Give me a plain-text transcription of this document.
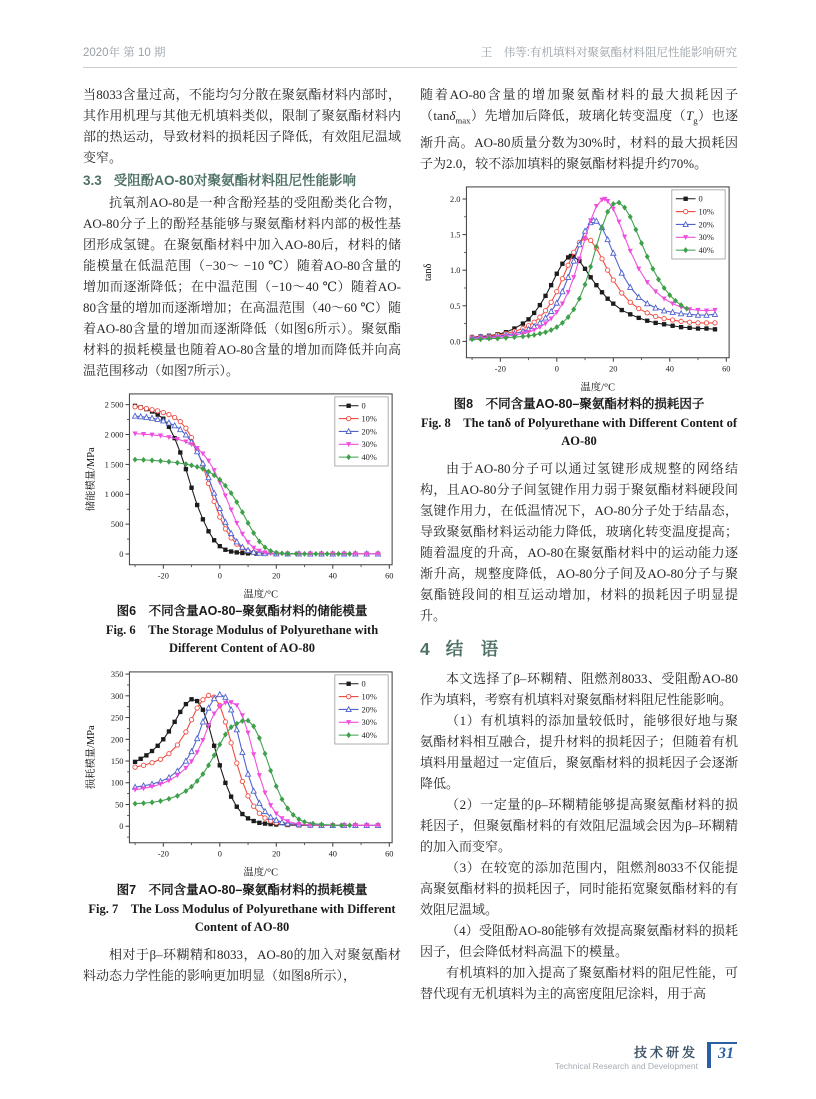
2020年 第 10 期	王　伟等:有机填料对聚氨酯材料阻尼性能影响研究

当8033含量过高，不能均匀分散在聚氨酯材料内部时，其作用机理与其他无机填料类似，限制了聚氨酯材料内部的热运动，导致材料的损耗因子降低，有效阻尼温域变窄。

3.3 受阻酚AO-80对聚氨酯材料阻尼性能影响

抗氧剂AO-80是一种含酚羟基的受阻酚类化合物，AO-80分子上的酚羟基能够与聚氨酯材料内部的极性基团形成氢键。在聚氨酯材料中加入AO-80后，材料的储能模量在低温范围（−30～ −10 ℃）随着AO-80含量的增加而逐渐降低；在中温范围（−10～40 ℃）随着AO-80含量的增加而逐渐增加；在高温范围（40～60 ℃）随着AO-80含量的增加而逐渐降低（如图6所示）。聚氨酯材料的损耗模量也随着AO-80含量的增加而降低并向高温范围移动（如图7所示）。

-20	0	20	40	60
0
500
1 000
1 500
2 000
2 500
温度/°C
储能模量/MPa
0
10%
20%
30%
40%
图6　不同含量AO-80–聚氨酯材料的储能模量
Fig. 6　The Storage Modulus of Polyurethane with Different Content of AO-80
-20	0	20	40	60
0
50
100
150
200
250
300
350
温度/°C
损耗模量/MPa
0
10%
20%
30%
40%
图7　不同含量AO-80–聚氨酯材料的损耗模量
Fig. 7　The Loss Modulus of Polyurethane with Different Content of AO-80

相对于β–环糊精和8033，AO-80的加入对聚氨酯材料动态力学性能的影响更加明显（如图8所示），

随着AO-80含量的增加聚氨酯材料的最大损耗因子（tanδ$_{max}$）先增加后降低，玻璃化转变温度$(T_g)$也逐渐升高。AO-80质量分数为30%时，材料的最大损耗因子为2.0，较不添加填料的聚氨酯材料提升约70%。

-20	0	20	40	60
0.0
0.5
1.0
1.5
2.0
温度/°C
tanδ
0
10%
20%
30%
40%
图8　不同含量AO-80–聚氨酯材料的损耗因子
Fig. 8　The tanδ of Polyurethane with Different Content of AO-80

由于AO-80分子可以通过氢键形成规整的网络结构，且AO-80分子间氢键作用力弱于聚氨酯材料硬段间氢键作用力，在低温情况下，AO-80分子处于结晶态，导致聚氨酯材料运动能力降低，玻璃化转变温度提高；随着温度的升高，AO-80在聚氨酯材料中的运动能力逐渐升高，规整度降低，AO-80分子间及AO-80分子与聚氨酯链段间的相互运动增加，材料的损耗因子明显提升。

4 结　语

本文选择了β–环糊精、阻燃剂8033、受阻酚AO-80作为填料，考察有机填料对聚氨酯材料阻尼性能影响。

（1）有机填料的添加量较低时，能够很好地与聚氨酯材料相互融合，提升材料的损耗因子；但随着有机填料用量超过一定值后，聚氨酯材料的损耗因子会逐渐降低。

（2）一定量的β–环糊精能够提高聚氨酯材料的损耗因子，但聚氨酯材料的有效阻尼温域会因为β–环糊精的加入而变窄。

（3）在较宽的添加范围内，阻燃剂8033不仅能提高聚氨酯材料的损耗因子，同时能拓宽聚氨酯材料的有效阻尼温域。

（4）受阻酚AO-80能够有效提高聚氨酯材料的损耗因子，但会降低材料高温下的模量。

有机填料的加入提高了聚氨酯材料的阻尼性能，可替代现有无机填料为主的高密度阻尼涂料，用于高

技术研发
Technical Research and Development
31
